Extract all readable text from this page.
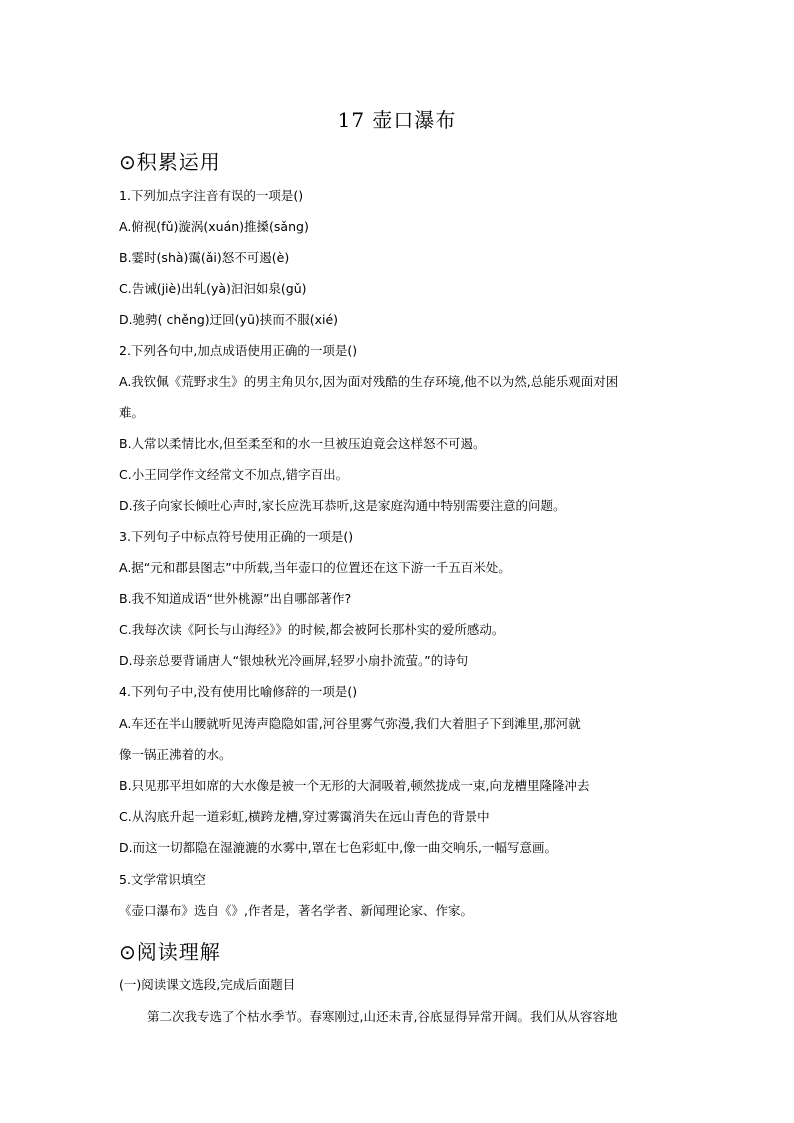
17 壶口瀑布
⊙积累运用
1.下列加点字注音有误的一项是()
A.俯视(fǔ)漩涡(xuán)推搡(sǎng)
B.霎时(shà)霭(ǎi)怒不可遏(è)
C.告诫(jiè)出轧(yà)汩汩如泉(gǔ)
D.驰骋( chěng)迂回(yū)挟而不服(xié)
2.下列各句中,加点成语使用正确的一项是()
A.我钦佩《荒野求生》的男主角贝尔,因为面对残酷的生存环境,他不以为然,总能乐观面对困
难。
B.人常以柔情比水,但至柔至和的水一旦被压迫竟会这样怒不可遏。
C.小王同学作文经常文不加点,错字百出。
D.孩子向家长倾吐心声时,家长应洗耳恭听,这是家庭沟通中特别需要注意的问题。
3.下列句子中标点符号使用正确的一项是()
A.据“元和郡县图志”中所载,当年壶口的位置还在这下游一千五百米处。
B.我不知道成语“世外桃源”出自哪部著作?
C.我每次读《阿长与山海经》》的时候,都会被阿长那朴实的爱所感动。
D.母亲总要背诵唐人“银烛秋光冷画屏,轻罗小扇扑流萤。”的诗句
4.下列句子中,没有使用比喻修辞的一项是()
A.车还在半山腰就听见涛声隐隐如雷,河谷里雾气弥漫,我们大着胆子下到滩里,那河就
像一锅正沸着的水。
B.只见那平坦如席的大水像是被一个无形的大洞吸着,顿然拢成一束,向龙槽里隆隆冲去
C.从沟底升起一道彩虹,横跨龙槽,穿过雾霭消失在远山青色的背景中
D.而这一切都隐在湿漉漉的水雾中,罩在七色彩虹中,像一曲交响乐,一幅写意画。
5.文学常识填空
《壶口瀑布》选自《》,作者是，著名学者、新闻理论家、作家。
⊙阅读理解
(一)阅读课文选段,完成后面题目
第二次我专选了个枯水季节。春寒刚过,山还未青,谷底显得异常开阔。我们从从容容地
